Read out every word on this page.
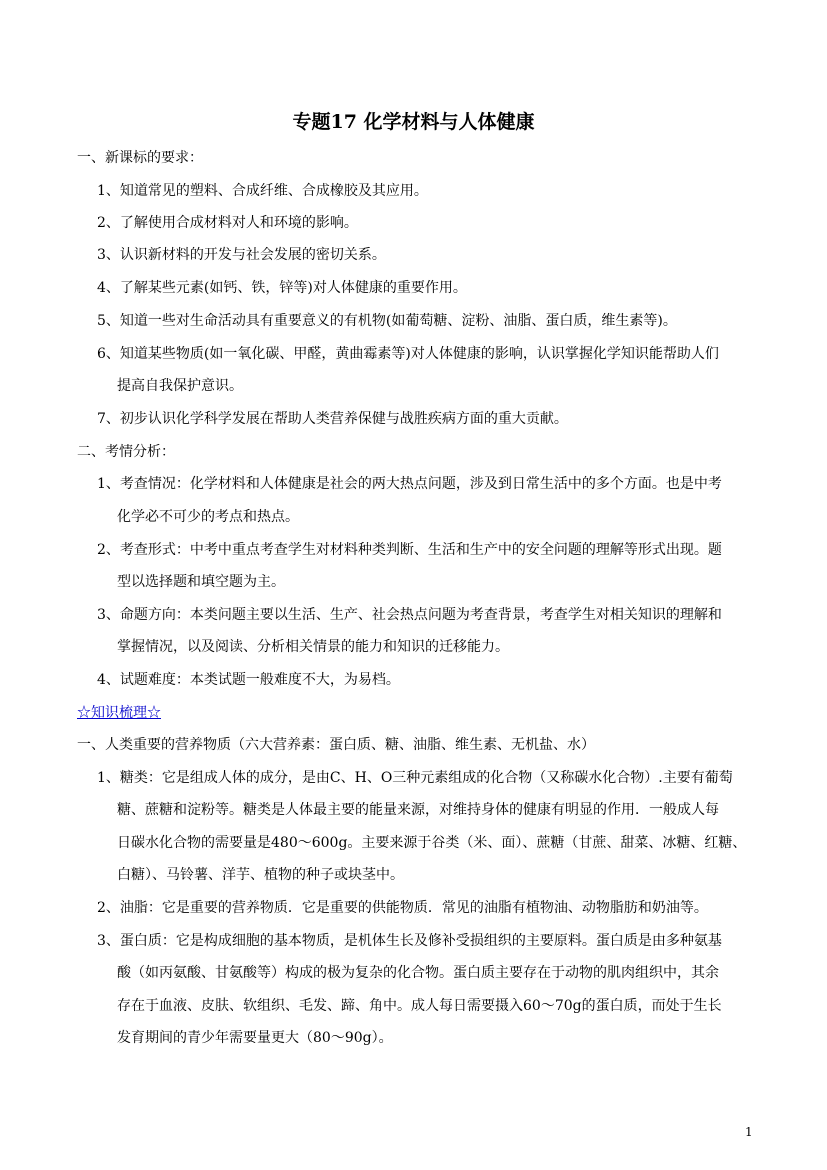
专题17 化学材料与人体健康
一、新课标的要求：
1、知道常见的塑料、合成纤维、合成橡胶及其应用。
2、了解使用合成材料对人和环境的影响。
3、认识新材料的开发与社会发展的密切关系。
4、了解某些元素(如钙、铁，锌等)对人体健康的重要作用。
5、知道一些对生命活动具有重要意义的有机物(如葡萄糖、淀粉、油脂、蛋白质，维生素等)。
6、知道某些物质(如一氧化碳、甲醛，黄曲霉素等)对人体健康的影响，认识掌握化学知识能帮助人们
提高自我保护意识。
7、初步认识化学科学发展在帮助人类营养保健与战胜疾病方面的重大贡献。
二、考情分析：
1、考查情况：化学材料和人体健康是社会的两大热点问题，涉及到日常生活中的多个方面。也是中考
化学必不可少的考点和热点。
2、考查形式：中考中重点考查学生对材料种类判断、生活和生产中的安全问题的理解等形式出现。题
型以选择题和填空题为主。
3、命题方向：本类问题主要以生活、生产、社会热点问题为考查背景，考查学生对相关知识的理解和
掌握情况，以及阅读、分析相关情景的能力和知识的迁移能力。
4、试题难度：本类试题一般难度不大，为易档。
☆知识梳理☆
一、人类重要的营养物质（六大营养素：蛋白质、糖、油脂、维生素、无机盐、水）
1、糖类：它是组成人体的成分，是由C、H、O三种元素组成的化合物（又称碳水化合物）.主要有葡萄
糖、蔗糖和淀粉等。糖类是人体最主要的能量来源，对维持身体的健康有明显的作用．一般成人每
日碳水化合物的需要量是480～600g。主要来源于谷类（米、面）、蔗糖（甘蔗、甜菜、冰糖、红糖、
白糖）、马铃薯、洋芋、植物的种子或块茎中。
2、油脂：它是重要的营养物质．它是重要的供能物质．常见的油脂有植物油、动物脂肪和奶油等。
3、蛋白质：它是构成细胞的基本物质，是机体生长及修补受损组织的主要原料。蛋白质是由多种氨基
酸（如丙氨酸、甘氨酸等）构成的极为复杂的化合物。蛋白质主要存在于动物的肌肉组织中，其余
存在于血液、皮肤、软组织、毛发、蹄、角中。成人每日需要摄入60～70g的蛋白质，而处于生长
发育期间的青少年需要量更大（80～90g）。
1
